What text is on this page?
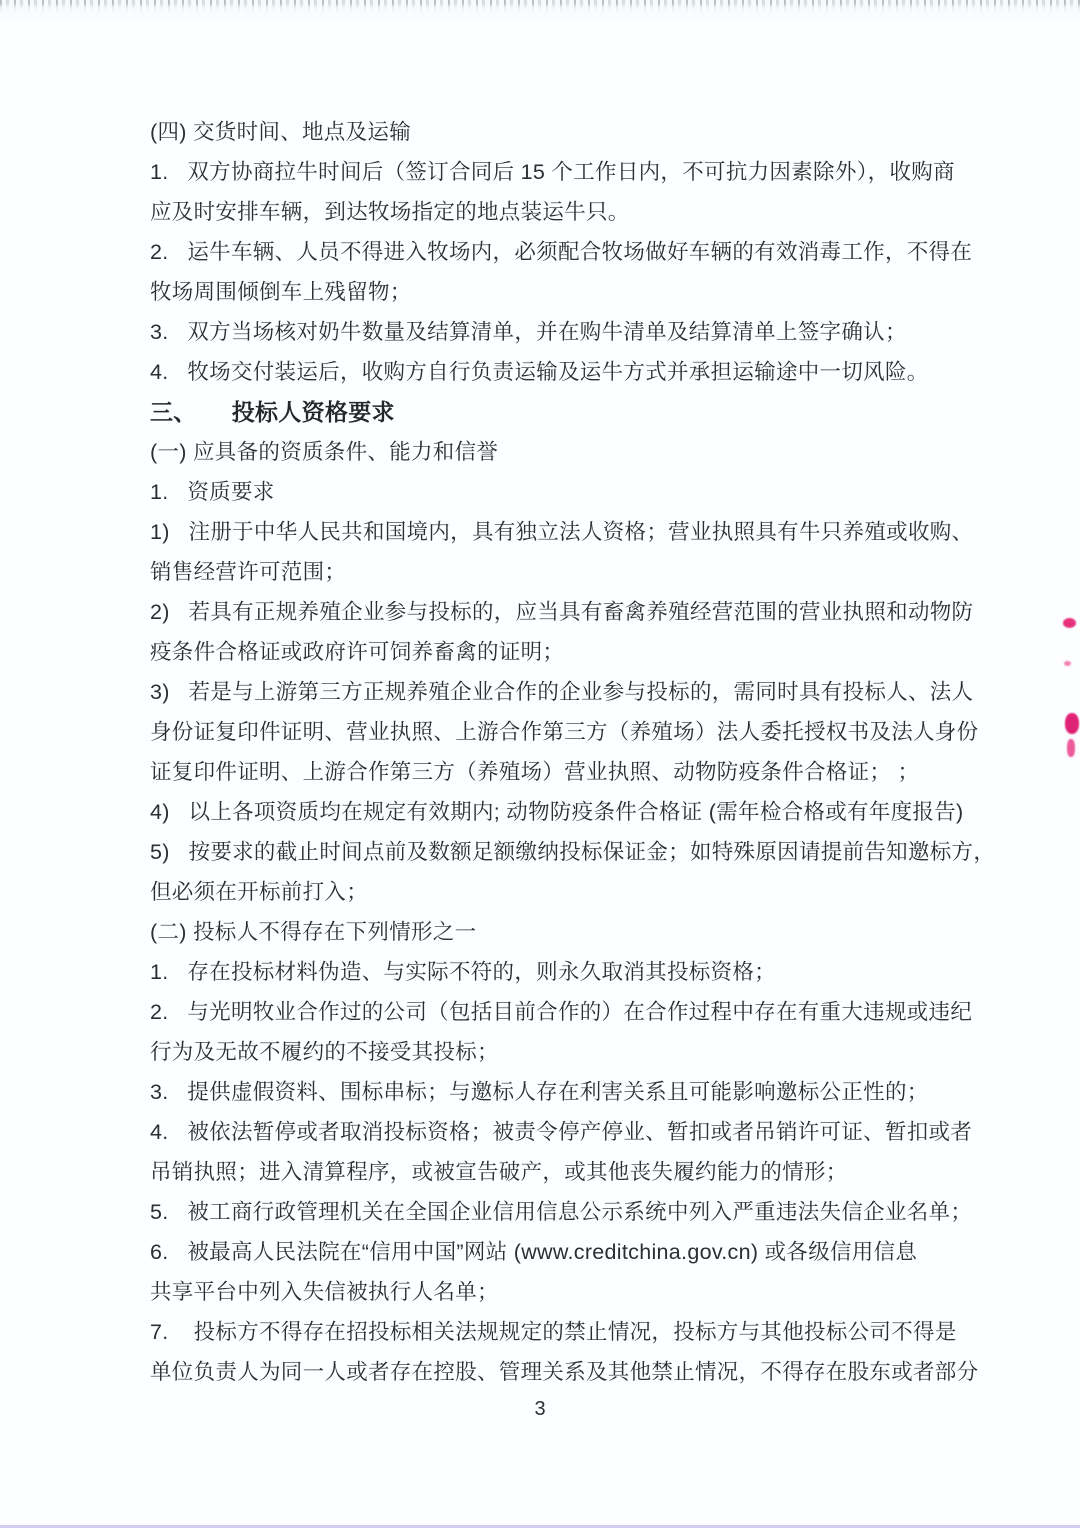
(四) 交货时间、地点及运输
1.   双方协商拉牛时间后（签订合同后 15 个工作日内，不可抗力因素除外），收购商
应及时安排车辆，到达牧场指定的地点装运牛只。
2.   运牛车辆、人员不得进入牧场内，必须配合牧场做好车辆的有效消毒工作，不得在
牧场周围倾倒车上残留物；
3.   双方当场核对奶牛数量及结算清单，并在购牛清单及结算清单上签字确认；
4.   牧场交付装运后，收购方自行负责运输及运牛方式并承担运输途中一切风险。
三、　　投标人资格要求
(一) 应具备的资质条件、能力和信誉
1.   资质要求
1)   注册于中华人民共和国境内，具有独立法人资格；营业执照具有牛只养殖或收购、
销售经营许可范围；
2)   若具有正规养殖企业参与投标的，应当具有畜禽养殖经营范围的营业执照和动物防
疫条件合格证或政府许可饲养畜禽的证明；
3)   若是与上游第三方正规养殖企业合作的企业参与投标的，需同时具有投标人、法人
身份证复印件证明、营业执照、上游合作第三方（养殖场）法人委托授权书及法人身份
证复印件证明、上游合作第三方（养殖场）营业执照、动物防疫条件合格证； ；
4)   以上各项资质均在规定有效期内; 动物防疫条件合格证 (需年检合格或有年度报告)
5)   按要求的截止时间点前及数额足额缴纳投标保证金；如特殊原因请提前告知邀标方，
但必须在开标前打入；
(二) 投标人不得存在下列情形之一
1.   存在投标材料伪造、与实际不符的，则永久取消其投标资格；
2.   与光明牧业合作过的公司（包括目前合作的）在合作过程中存在有重大违规或违纪
行为及无故不履约的不接受其投标；
3.   提供虚假资料、围标串标；与邀标人存在利害关系且可能影响邀标公正性的；
4.   被依法暂停或者取消投标资格；被责令停产停业、暂扣或者吊销许可证、暂扣或者
吊销执照；进入清算程序，或被宣告破产，或其他丧失履约能力的情形；
5.   被工商行政管理机关在全国企业信用信息公示系统中列入严重违法失信企业名单；
6.   被最高人民法院在“信用中国”网站 (www.creditchina.gov.cn) 或各级信用信息
共享平台中列入失信被执行人名单；
7.    投标方不得存在招投标相关法规规定的禁止情况，投标方与其他投标公司不得是
单位负责人为同一人或者存在控股、管理关系及其他禁止情况，不得存在股东或者部分
3
